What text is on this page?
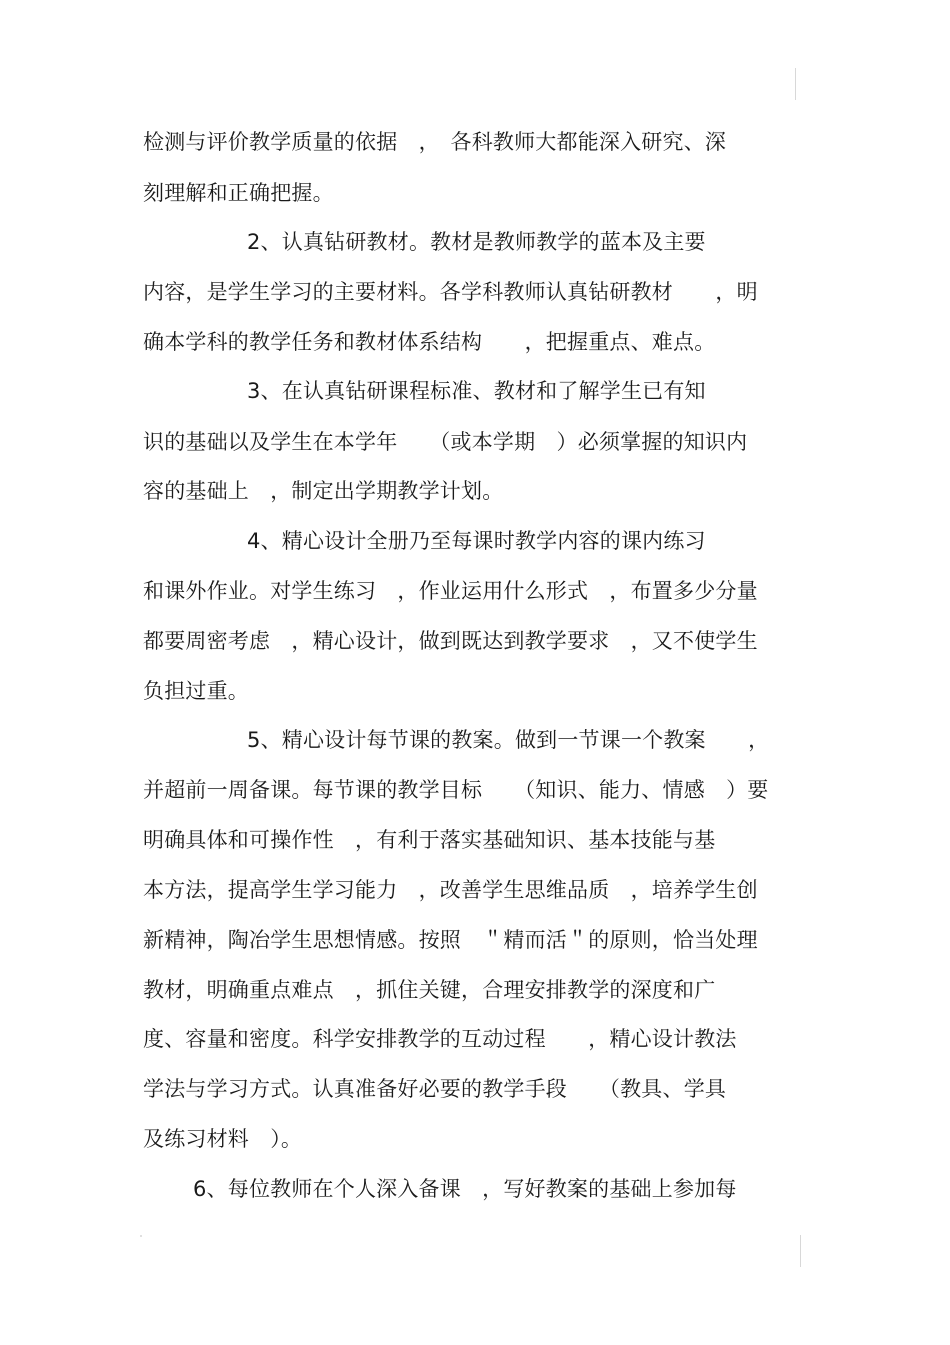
检测与评价教学质量的依据　，　各科教师大都能深入研究、深
刻理解和正确把握。
2、认真钻研教材。教材是教师教学的蓝本及主要
内容，是学生学习的主要材料。各学科教师认真钻研教材　　，明
确本学科的教学任务和教材体系结构　　，把握重点、难点。
3、在认真钻研课程标准、教材和了解学生已有知
识的基础以及学生在本学年　　（或本学期　）必须掌握的知识内
容的基础上　，制定出学期教学计划。
4、精心设计全册乃至每课时教学内容的课内练习
和课外作业。对学生练习　，作业运用什么形式　，布置多少分量
都要周密考虑　，精心设计，做到既达到教学要求　，又不使学生
负担过重。
5、精心设计每节课的教案。做到一节课一个教案　　，
并超前一周备课。每节课的教学目标　　（知识、能力、情感　）要
明确具体和可操作性　，有利于落实基础知识、基本技能与基
本方法，提高学生学习能力　，改善学生思维品质　，培养学生创
新精神，陶冶学生思想情感。按照　＂精而活＂的原则，恰当处理
教材，明确重点难点　，抓住关键，合理安排教学的深度和广
度、容量和密度。科学安排教学的互动过程　　，精心设计教法
学法与学习方式。认真准备好必要的教学手段　　（教具、学具
及练习材料　）。
6、每位教师在个人深入备课　，写好教案的基础上参加每
